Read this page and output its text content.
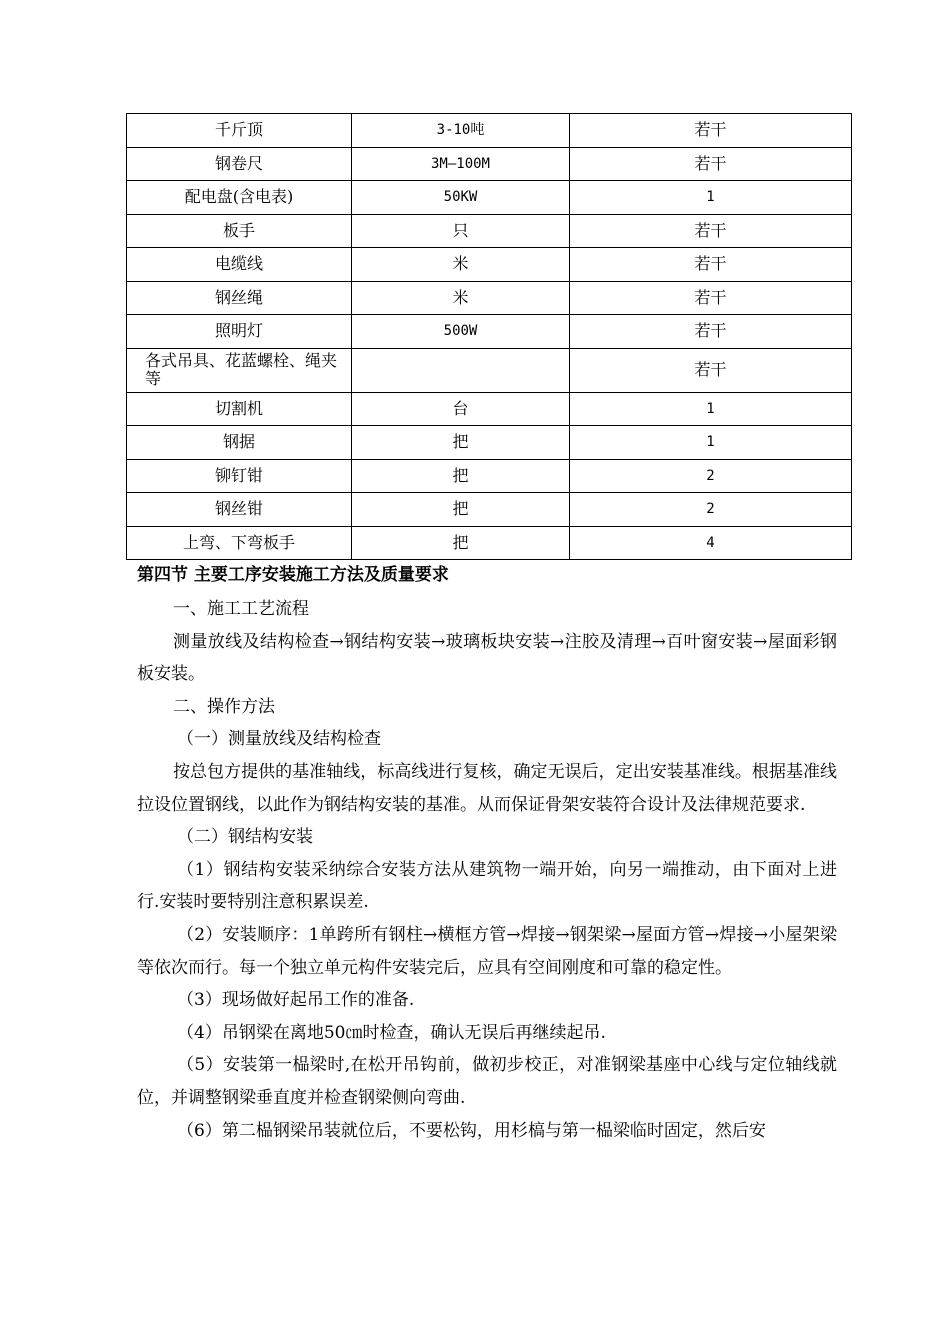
千斤顶	3-10吨	若干
钢卷尺	3M—100M	若干
配电盘(含电表)	50KW	1
板手	只	若干
电缆线	米	若干
钢丝绳	米	若干
照明灯	500W	若干
各式吊具、花蓝螺栓、绳夹等		若干
切割机	台	1
钢据	把	1
铆钉钳	把	2
钢丝钳	把	2
上弯、下弯板手	把	4
第四节 主要工序安装施工方法及质量要求

一、施工工艺流程

测量放线及结构检查→钢结构安装→玻璃板块安装→注胶及清理→百叶窗安装→屋面彩钢板安装。

二、操作方法

（一）测量放线及结构检查

按总包方提供的基准轴线，标高线进行复核，确定无误后，定出安装基准线。根据基准线拉设位置钢线，以此作为钢结构安装的基准。从而保证骨架安装符合设计及法律规范要求.

（二）钢结构安装

（1）钢结构安装采纳综合安装方法从建筑物一端开始，向另一端推动，由下面对上进行.安装时要特别注意积累误差.

（2）安装顺序：1单跨所有钢柱→横框方管→焊接→钢架梁→屋面方管→焊接→小屋架梁等依次而行。每一个独立单元构件安装完后，应具有空间刚度和可靠的稳定性。

（3）现场做好起吊工作的准备.

（4）吊钢梁在离地50㎝时检查，确认无误后再继续起吊.

（5）安装第一榀梁时,在松开吊钩前，做初步校正，对准钢梁基座中心线与定位轴线就位，并调整钢梁垂直度并检查钢梁侧向弯曲.

（6）第二榀钢梁吊装就位后，不要松钩，用杉槁与第一榀梁临时固定，然后安
